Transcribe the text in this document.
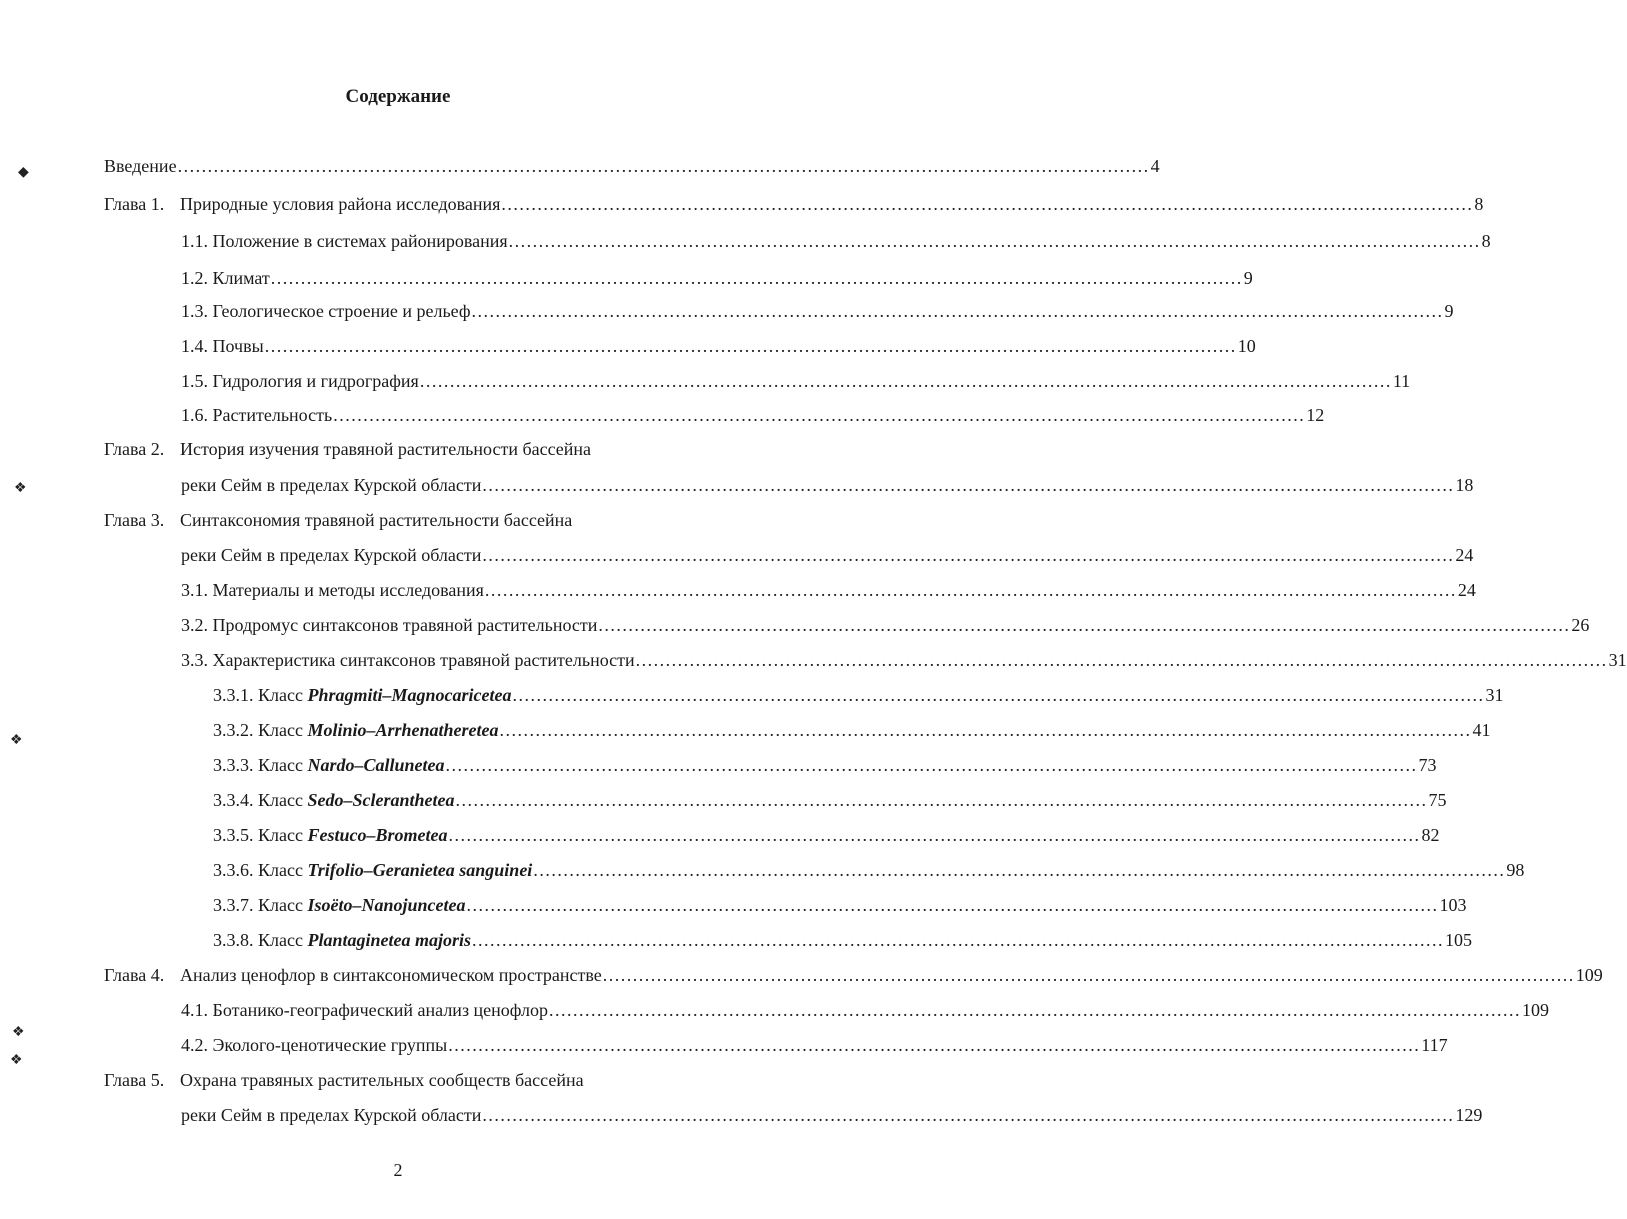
Содержание
Введение .................................................................................................................................................................. 4
Глава 1. Природные условия района исследования .................................................................................................................................................................. 8
1.1. Положение в системах районирования .................................................................................................................................................................. 8
1.2. Климат .................................................................................................................................................................. 9
1.3. Геологическое строение и рельеф .................................................................................................................................................................. 9
1.4. Почвы .................................................................................................................................................................. 10
1.5. Гидрология и гидрография .................................................................................................................................................................. 11
1.6. Растительность .................................................................................................................................................................. 12
Глава 2. История изучения травяной растительности бассейна
реки Сейм в пределах Курской области .................................................................................................................................................................. 18
Глава 3. Синтаксономия травяной растительности бассейна
реки Сейм в пределах Курской области .................................................................................................................................................................. 24
3.1. Материалы и методы исследования .................................................................................................................................................................. 24
3.2. Продромус синтаксонов травяной растительности .................................................................................................................................................................. 26
3.3. Характеристика синтаксонов травяной растительности .................................................................................................................................................................. 31
3.3.1. Класс Phragmiti–Magnocaricetea .................................................................................................................................................................. 31
3.3.2. Класс Molinio–Arrhenatheretea .................................................................................................................................................................. 41
3.3.3. Класс Nardo–Callunetea .................................................................................................................................................................. 73
3.3.4. Класс Sedo–Scleranthetea .................................................................................................................................................................. 75
3.3.5. Класс Festuco–Brometea .................................................................................................................................................................. 82
3.3.6. Класс Trifolio–Geranietea sanguinei .................................................................................................................................................................. 98
3.3.7. Класс Isoëto–Nanojuncetea .................................................................................................................................................................. 103
3.3.8. Класс Plantaginetea majoris .................................................................................................................................................................. 105
Глава 4. Анализ ценофлор в синтаксономическом пространстве .................................................................................................................................................................. 109
4.1. Ботанико-географический анализ ценофлор .................................................................................................................................................................. 109
4.2. Эколого-ценотические группы .................................................................................................................................................................. 117
Глава 5. Охрана травяных растительных сообществ бассейна
реки Сейм в пределах Курской области .................................................................................................................................................................. 129
2
◆
❖
❖
❖
❖
